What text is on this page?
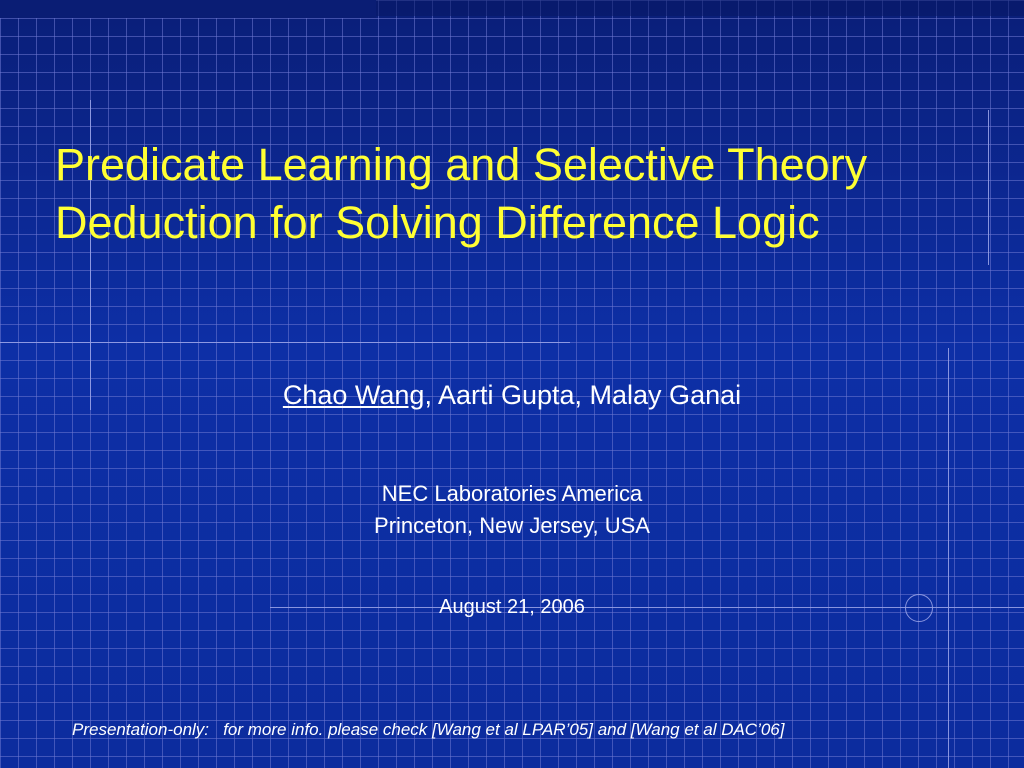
Predicate Learning and Selective Theory
Deduction for Solving Difference Logic
Chao Wang, Aarti Gupta, Malay Ganai
NEC Laboratories America
Princeton, New Jersey, USA
August 21, 2006
Presentation-only:   for more info. please check [Wang et al LPAR’05] and [Wang et al DAC’06]
